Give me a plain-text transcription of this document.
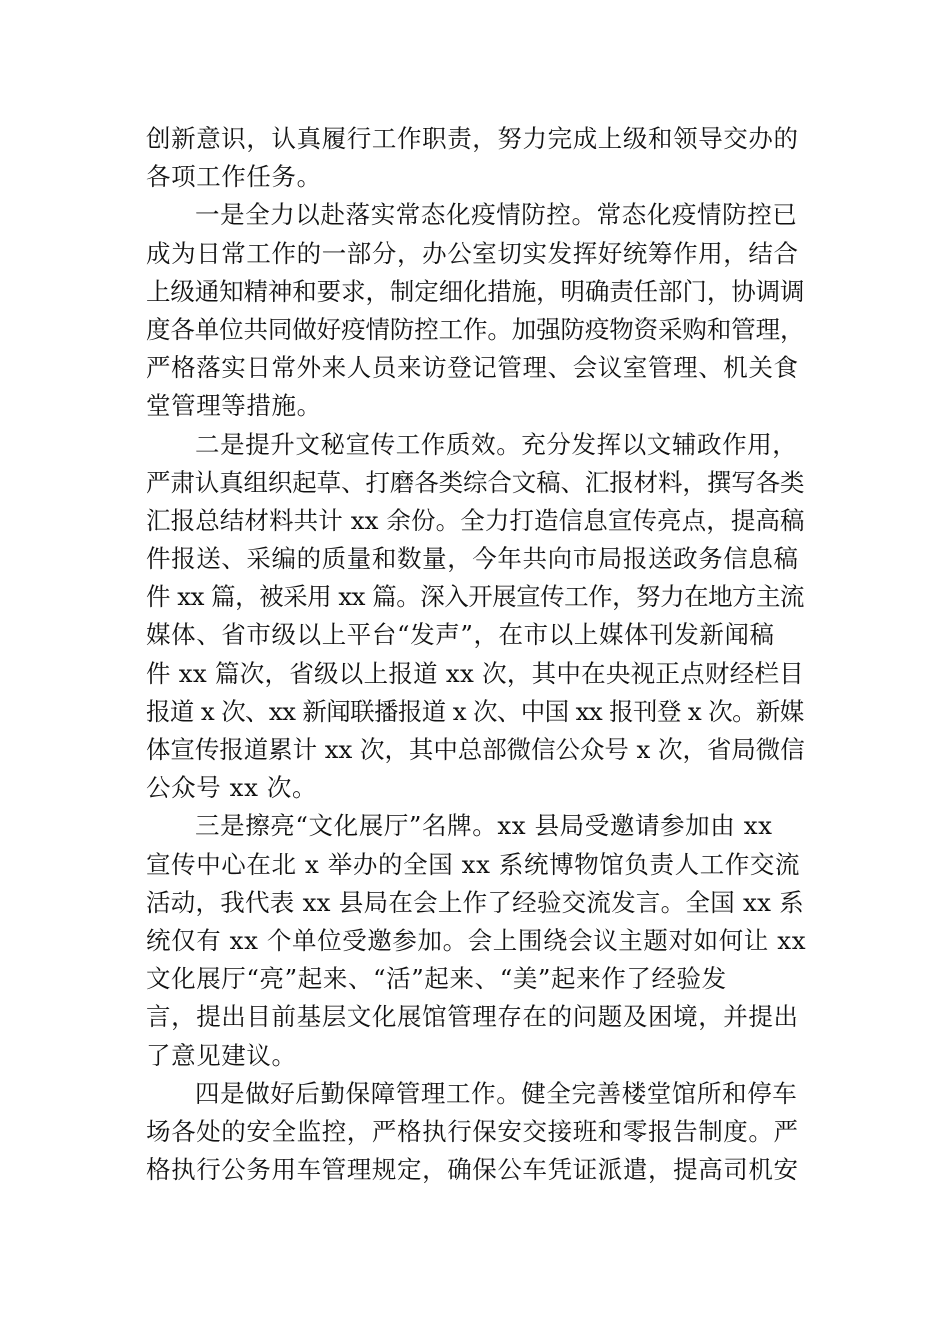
创新意识，认真履行工作职责，努力完成上级和领导交办的
各项工作任务。
一是全力以赴落实常态化疫情防控。常态化疫情防控已
成为日常工作的一部分，办公室切实发挥好统筹作用，结合
上级通知精神和要求，制定细化措施，明确责任部门，协调调
度各单位共同做好疫情防控工作。加强防疫物资采购和管理，
严格落实日常外来人员来访登记管理、会议室管理、机关食
堂管理等措施。
二是提升文秘宣传工作质效。充分发挥以文辅政作用，
严肃认真组织起草、打磨各类综合文稿、汇报材料，撰写各类
汇报总结材料共计 xx 余份。全力打造信息宣传亮点，提高稿
件报送、采编的质量和数量，今年共向市局报送政务信息稿
件 xx 篇，被采用 xx 篇。深入开展宣传工作，努力在地方主流
媒体、省市级以上平台“发声”，在市以上媒体刊发新闻稿
件 xx 篇次，省级以上报道 xx 次，其中在央视正点财经栏目
报道 x 次、xx 新闻联播报道 x 次、中国 xx 报刊登 x 次。新媒
体宣传报道累计 xx 次，其中总部微信公众号 x 次，省局微信
公众号 xx 次。
三是擦亮“文化展厅”名牌。xx 县局受邀请参加由 xx
宣传中心在北 x 举办的全国 xx 系统博物馆负责人工作交流
活动，我代表 xx 县局在会上作了经验交流发言。全国 xx 系
统仅有 xx 个单位受邀参加。会上围绕会议主题对如何让 xx
文化展厅“亮”起来、“活”起来、“美”起来作了经验发
言，提出目前基层文化展馆管理存在的问题及困境，并提出
了意见建议。
四是做好后勤保障管理工作。健全完善楼堂馆所和停车
场各处的安全监控，严格执行保安交接班和零报告制度。严
格执行公务用车管理规定，确保公车凭证派遣，提高司机安
